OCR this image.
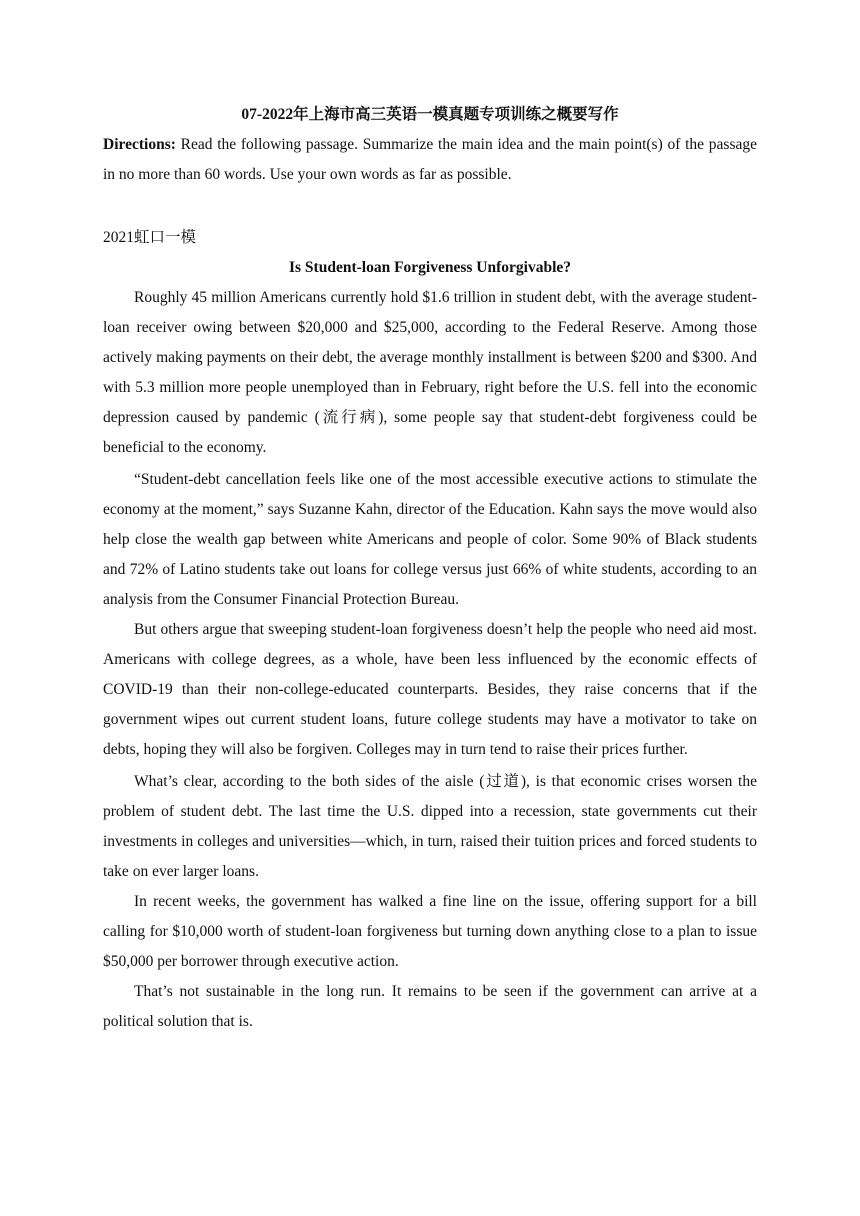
07-2022年上海市高三英语一模真题专项训练之概要写作

Directions: Read the following passage. Summarize the main idea and the main point(s) of the passage in no more than 60 words. Use your own words as far as possible.

2021虹口一模

Is Student-loan Forgiveness Unforgivable?

Roughly 45 million Americans currently hold $1.6 trillion in student debt, with the average student-loan receiver owing between $20,000 and $25,000, according to the Federal Reserve. Among those actively making payments on their debt, the average monthly installment is between $200 and $300. And with 5.3 million more people unemployed than in February, right before the U.S. fell into the economic depression caused by pandemic (流行病), some people say that student-debt forgiveness could be beneficial to the economy.

“Student-debt cancellation feels like one of the most accessible executive actions to stimulate the economy at the moment,” says Suzanne Kahn, director of the Education. Kahn says the move would also help close the wealth gap between white Americans and people of color. Some 90% of Black students and 72% of Latino students take out loans for college versus just 66% of white students, according to an analysis from the Consumer Financial Protection Bureau.

But others argue that sweeping student-loan forgiveness doesn’t help the people who need aid most. Americans with college degrees, as a whole, have been less influenced by the economic effects of COVID-19 than their non-college-educated counterparts. Besides, they raise concerns that if the government wipes out current student loans, future college students may have a motivator to take on debts, hoping they will also be forgiven. Colleges may in turn tend to raise their prices further.

What’s clear, according to the both sides of the aisle (过道), is that economic crises worsen the problem of student debt. The last time the U.S. dipped into a recession, state governments cut their investments in colleges and universities—which, in turn, raised their tuition prices and forced students to take on ever larger loans.

In recent weeks, the government has walked a fine line on the issue, offering support for a bill calling for $10,000 worth of student-loan forgiveness but turning down anything close to a plan to issue $50,000 per borrower through executive action.

That’s not sustainable in the long run. It remains to be seen if the government can arrive at a political solution that is.
